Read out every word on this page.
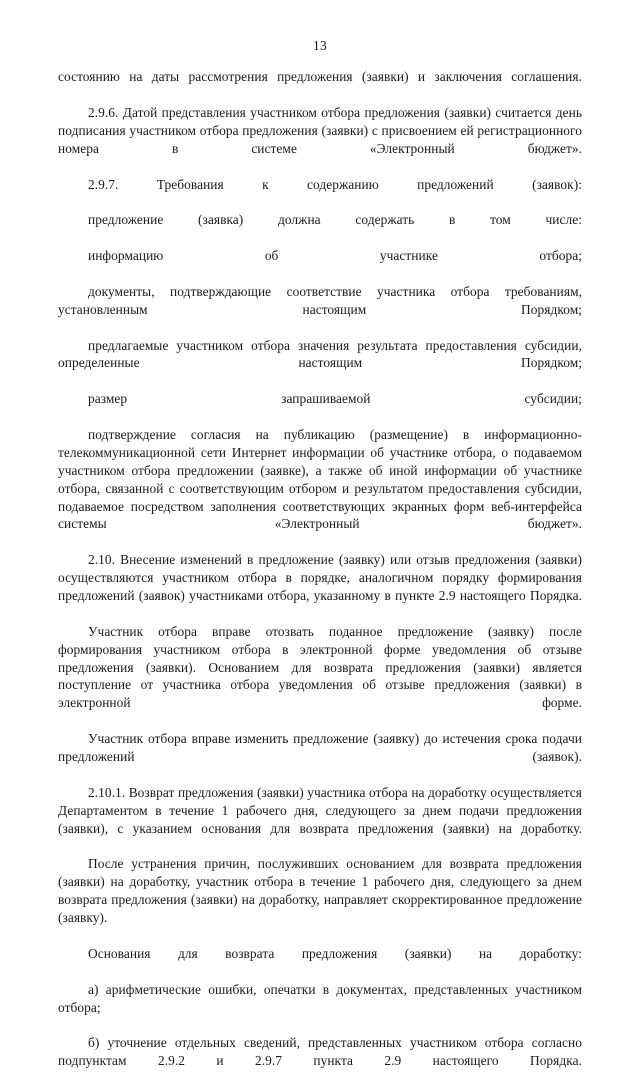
13

состоянию на даты рассмотрения предложения (заявки) и заключения соглашения.

2.9.6. Датой представления участником отбора предложения (заявки) считается день подписания участником отбора предложения (заявки) с присвоением ей регистрационного номера в системе «Электронный бюджет».

2.9.7. Требования к содержанию предложений (заявок):

предложение (заявка) должна содержать в том числе:

информацию об участнике отбора;

документы, подтверждающие соответствие участника отбора требованиям, установленным настоящим Порядком;

предлагаемые участником отбора значения результата предоставления субсидии, определенные настоящим Порядком;

размер запрашиваемой субсидии;

подтверждение согласия на публикацию (размещение) в информационно-телекоммуникационной сети Интернет информации об участнике отбора, о подаваемом участником отбора предложении (заявке), а также об иной информации об участнике отбора, связанной с соответствующим отбором и результатом предоставления субсидии, подаваемое посредством заполнения соответствующих экранных форм веб-интерфейса системы «Электронный бюджет».

2.10. Внесение изменений в предложение (заявку) или отзыв предложения (заявки) осуществляются участником отбора в порядке, аналогичном порядку формирования предложений (заявок) участниками отбора, указанному в пункте 2.9 настоящего Порядка.

Участник отбора вправе отозвать поданное предложение (заявку) после формирования участником отбора в электронной форме уведомления об отзыве предложения (заявки). Основанием для возврата предложения (заявки) является поступление от участника отбора уведомления об отзыве предложения (заявки) в электронной форме.

Участник отбора вправе изменить предложение (заявку) до истечения срока подачи предложений (заявок).

2.10.1. Возврат предложения (заявки) участника отбора на доработку осуществляется Департаментом в течение 1 рабочего дня, следующего за днем подачи предложения (заявки), с указанием основания для возврата предложения (заявки) на доработку.

После устранения причин, послуживших основанием для возврата предложения (заявки) на доработку, участник отбора в течение 1 рабочего дня, следующего за днем возврата предложения (заявки) на доработку, направляет скорректированное предложение (заявку).

Основания для возврата предложения (заявки) на доработку:

а) арифметические ошибки, опечатки в документах, представленных участником отбора;

б) уточнение отдельных сведений, представленных участником отбора согласно подпунктам 2.9.2 и 2.9.7 пункта 2.9 настоящего Порядка.
